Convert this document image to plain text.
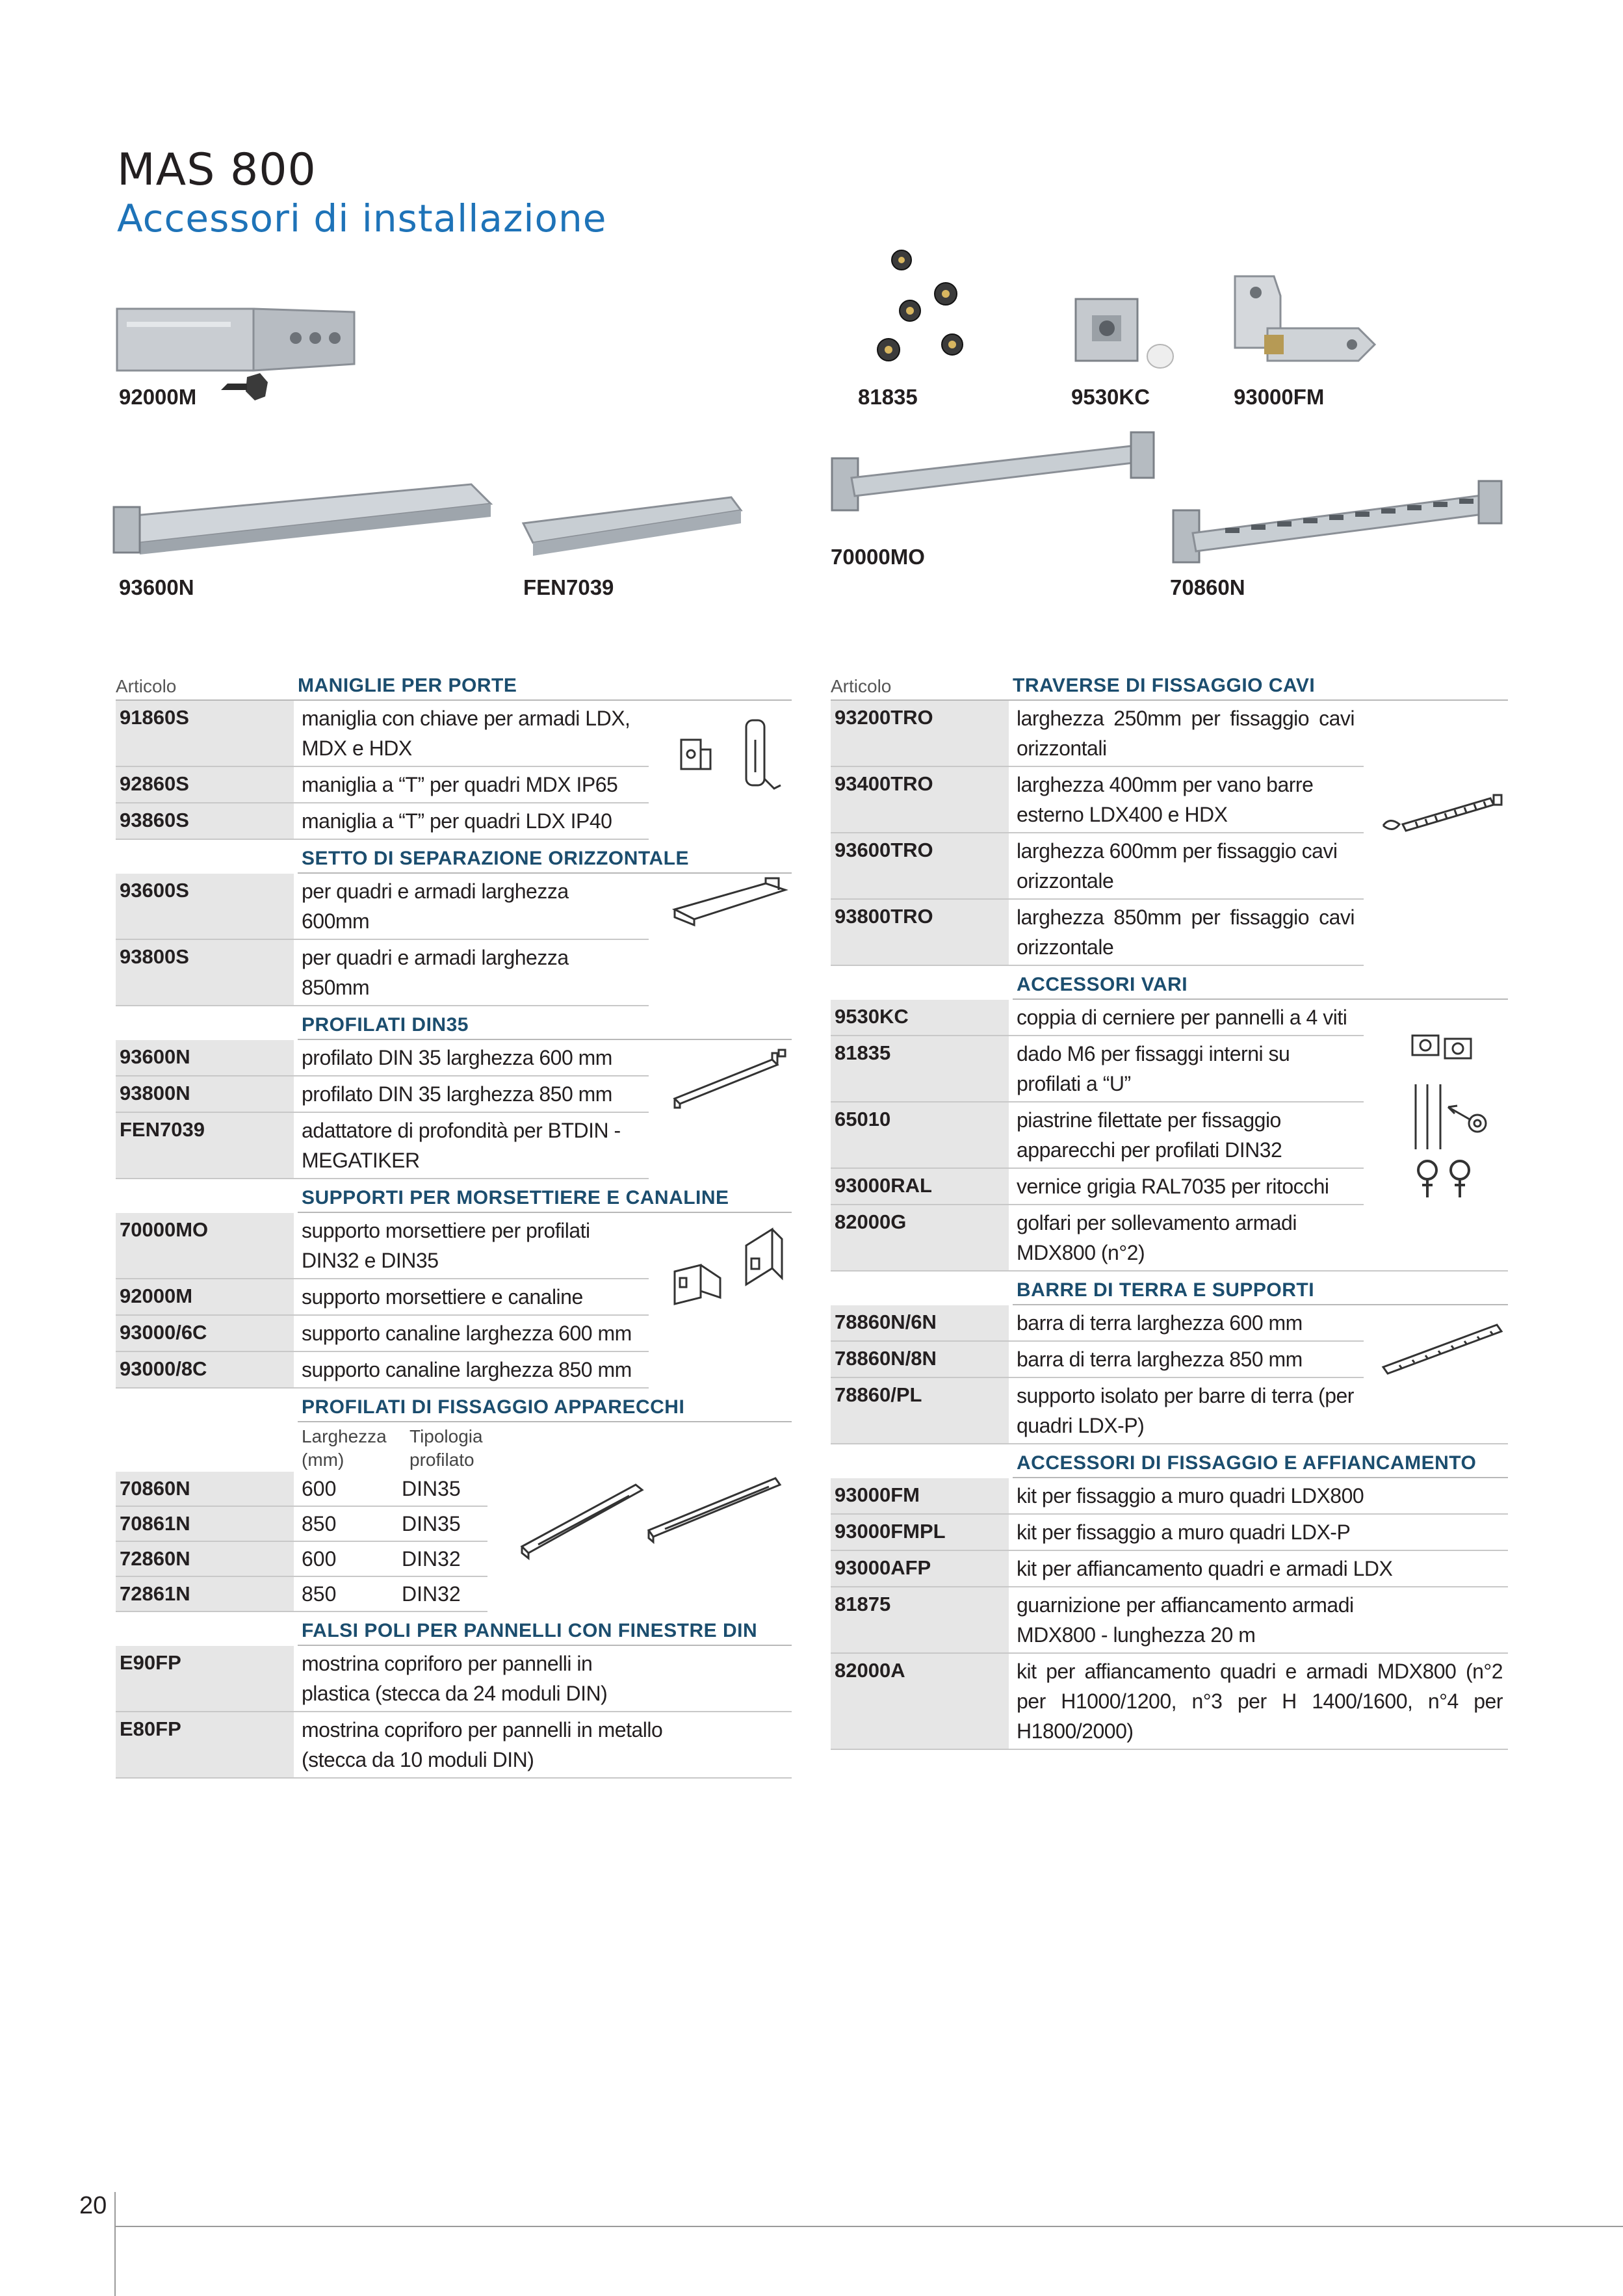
MAS 800
Accessori di installazione
92000M	81835	9530KC	93000FM
93600N	FEN7039
70000MO
70860N
Articolo	MANIGLIE PER PORTE
91860S	maniglia con chiave per armadi LDX, MDX e HDX
92860S	maniglia a “T” per quadri MDX IP65
93860S	maniglia a “T” per quadri LDX IP40
SETTO DI SEPARAZIONE ORIZZONTALE
93600S	per quadri e armadi larghezza 600mm
93800S	per quadri e armadi larghezza 850mm
PROFILATI DIN35
93600N	profilato DIN 35 larghezza 600 mm
93800N	profilato DIN 35 larghezza 850 mm
FEN7039	adattatore di profondità per BTDIN - MEGATIKER
SUPPORTI PER MORSETTIERE E CANALINE
70000MO	supporto morsettiere per profilati DIN32 e DIN35
92000M	supporto morsettiere e canaline
93000/6C	supporto canaline larghezza 600 mm
93000/8C	supporto canaline larghezza 850 mm
PROFILATI DI FISSAGGIO APPARECCHI
Larghezza (mm)
Tipologia profilato
70860N	600	DIN35
70861N	850	DIN35
72860N	600	DIN32
72861N	850	DIN32
FALSI POLI PER PANNELLI CON FINESTRE DIN
E90FP	mostrina copriforo per pannelli in plastica (stecca da 24 moduli DIN)
E80FP	mostrina copriforo per pannelli in metallo (stecca da 10 moduli DIN)
Articolo	TRAVERSE DI FISSAGGIO CAVI
93200TRO	larghezza 250mm per fissaggio cavi orizzontali
93400TRO	larghezza 400mm per vano barre esterno LDX400 e HDX
93600TRO	larghezza 600mm per fissaggio cavi orizzontale
93800TRO	larghezza 850mm per fissaggio cavi orizzontale
ACCESSORI VARI
9530KC	coppia di cerniere per pannelli a 4 viti
81835	dado M6 per fissaggi interni su profilati a “U”
65010	piastrine filettate per fissaggio apparecchi per profilati DIN32
93000RAL	vernice grigia RAL7035 per ritocchi
82000G	golfari per sollevamento armadi MDX800 (n°2)
BARRE DI TERRA E SUPPORTI
78860N/6N	barra di terra larghezza 600 mm
78860N/8N	barra di terra larghezza 850 mm
78860/PL	supporto isolato per barre di terra (per quadri LDX-P)
ACCESSORI DI FISSAGGIO E AFFIANCAMENTO
93000FM	kit per fissaggio a muro quadri LDX800
93000FMPL	kit per fissaggio a muro quadri LDX-P
93000AFP	kit per affiancamento quadri e armadi LDX
81875	guarnizione per affiancamento armadi MDX800 - lunghezza 20 m
82000A	kit per affiancamento quadri e armadi MDX800 (n°2 per H1000/1200, n°3 per H 1400/1600, n°4 per H1800/2000)
20
